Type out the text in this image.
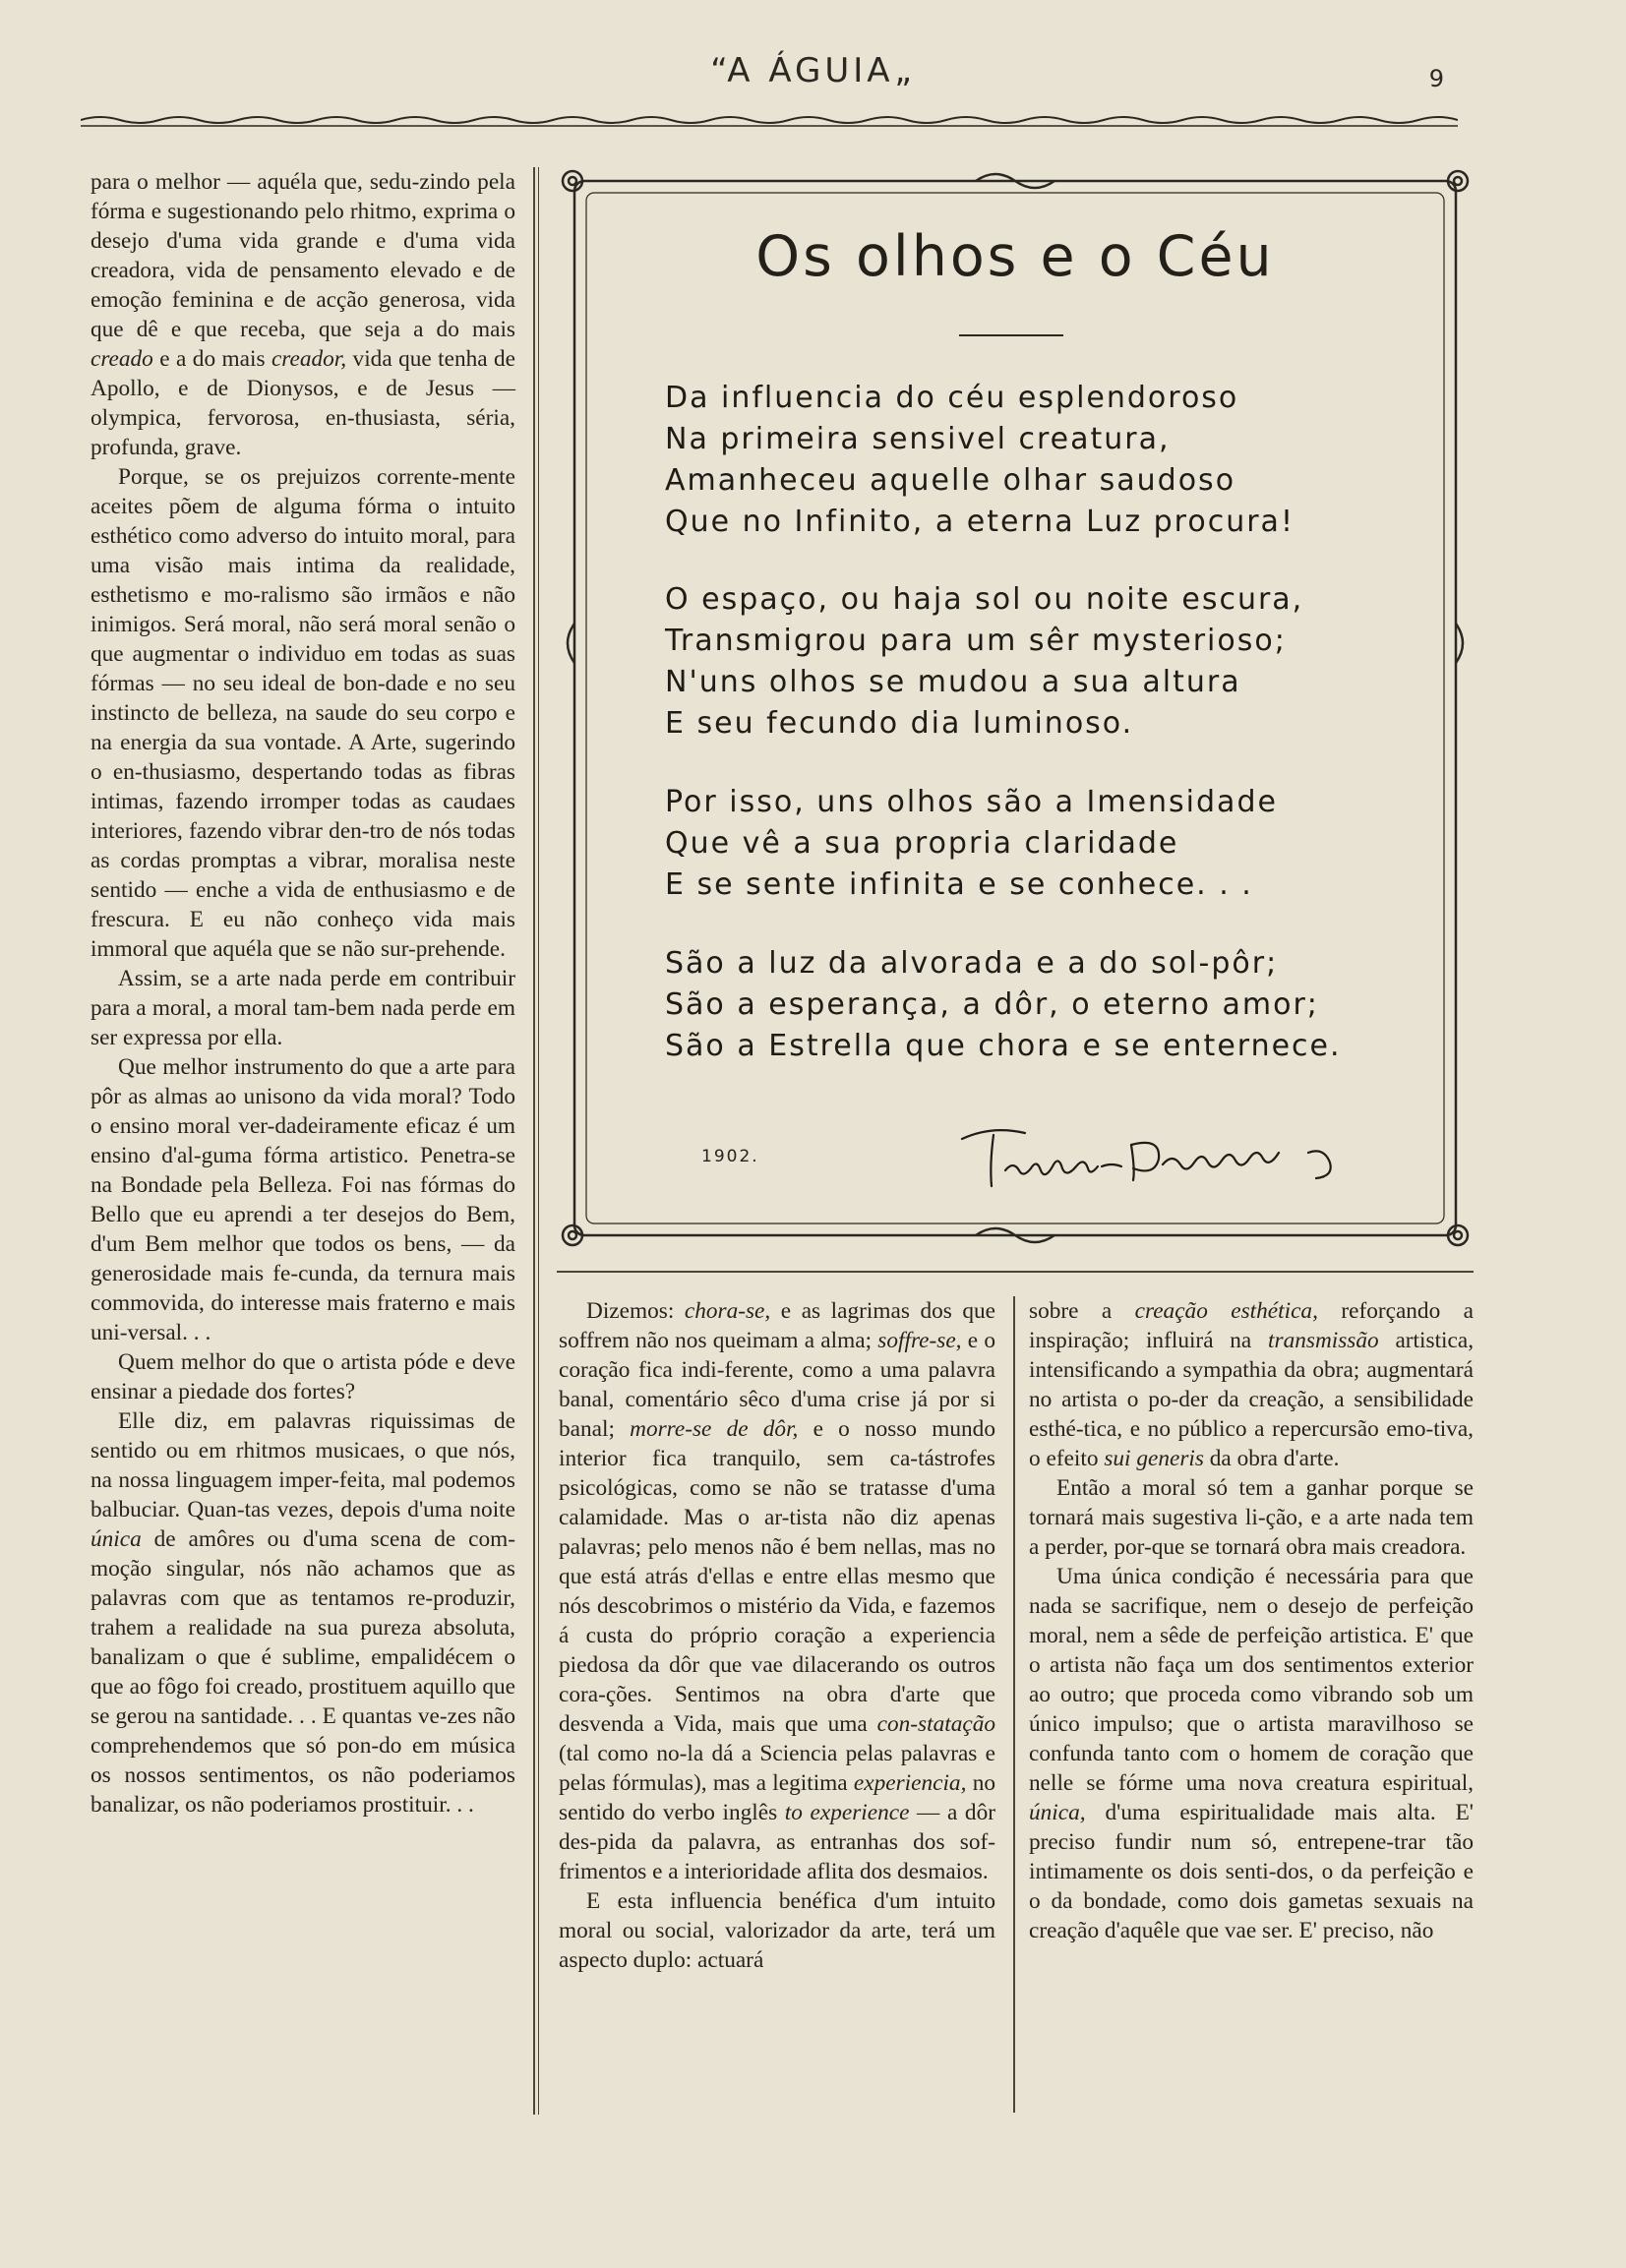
“A ÁGUIA„	9

para o melhor — aquéla que, sedu-zindo pela fórma e sugestionando pelo rhitmo, exprima o desejo d'uma vida grande e d'uma vida creadora, vida de pensamento elevado e de emoção feminina e de acção generosa, vida que dê e que receba, que seja a do mais creado e a do mais creador, vida que tenha de Apollo, e de Dionysos, e de Jesus — olympica, fervorosa, en-thusiasta, séria, profunda, grave.

Porque, se os prejuizos corrente-mente aceites põem de alguma fórma o intuito esthético como adverso do intuito moral, para uma visão mais intima da realidade, esthetismo e mo-ralismo são irmãos e não inimigos. Será moral, não será moral senão o que augmentar o individuo em todas as suas fórmas — no seu ideal de bon-dade e no seu instincto de belleza, na saude do seu corpo e na energia da sua vontade. A Arte, sugerindo o en-thusiasmo, despertando todas as fibras intimas, fazendo irromper todas as caudaes interiores, fazendo vibrar den-tro de nós todas as cordas promptas a vibrar, moralisa neste sentido — enche a vida de enthusiasmo e de frescura. E eu não conheço vida mais immoral que aquéla que se não sur-prehende.

Assim, se a arte nada perde em contribuir para a moral, a moral tam-bem nada perde em ser expressa por ella.

Que melhor instrumento do que a arte para pôr as almas ao unisono da vida moral? Todo o ensino moral ver-dadeiramente eficaz é um ensino d'al-guma fórma artistico. Penetra-se na Bondade pela Belleza. Foi nas fórmas do Bello que eu aprendi a ter desejos do Bem, d'um Bem melhor que todos os bens, — da generosidade mais fe-cunda, da ternura mais commovida, do interesse mais fraterno e mais uni-versal. . .

Quem melhor do que o artista póde e deve ensinar a piedade dos fortes?

Elle diz, em palavras riquissimas de sentido ou em rhitmos musicaes, o que nós, na nossa linguagem imper-feita, mal podemos balbuciar. Quan-tas vezes, depois d'uma noite única de amôres ou d'uma scena de com-moção singular, nós não achamos que as palavras com que as tentamos re-produzir, trahem a realidade na sua pureza absoluta, banalizam o que é sublime, empalidécem o que ao fôgo foi creado, prostituem aquillo que se gerou na santidade. . . E quantas ve-zes não comprehendemos que só pon-do em música os nossos sentimentos, os não poderiamos banalizar, os não poderiamos prostituir. . .

Os olhos e o Céu
Da influencia do céu esplendoroso
Na primeira sensivel creatura,
Amanheceu aquelle olhar saudoso
Que no Infinito, a eterna Luz procura!
O espaço, ou haja sol ou noite escura,
Transmigrou para um sêr mysterioso;
N'uns olhos se mudou a sua altura
E seu fecundo dia luminoso.
Por isso, uns olhos são a Imensidade
Que vê a sua propria claridade
E se sente infinita e se conhece. . .
São a luz da alvorada e a do sol-pôr;
São a esperança, a dôr, o eterno amor;
São a Estrella que chora e se enternece.
1902.

Dizemos: chora-se, e as lagrimas dos que soffrem não nos queimam a alma; soffre-se, e o coração fica indi-ferente, como a uma palavra banal, comentário sêco d'uma crise já por si banal; morre-se de dôr, e o nosso mundo interior fica tranquilo, sem ca-tástrofes psicológicas, como se não se tratasse d'uma calamidade. Mas o ar-tista não diz apenas palavras; pelo menos não é bem nellas, mas no que está atrás d'ellas e entre ellas mesmo que nós descobrimos o mistério da Vida, e fazemos á custa do próprio coração a experiencia piedosa da dôr que vae dilacerando os outros cora-ções. Sentimos na obra d'arte que desvenda a Vida, mais que uma con-statação (tal como no-la dá a Sciencia pelas palavras e pelas fórmulas), mas a legitima experiencia, no sentido do verbo inglês to experience — a dôr des-pida da palavra, as entranhas dos sof-frimentos e a interioridade aflita dos desmaios.

E esta influencia benéfica d'um intuito moral ou social, valorizador da arte, terá um aspecto duplo: actuará

sobre a creação esthética, reforçando a inspiração; influirá na transmissão artistica, intensificando a sympathia da obra; augmentará no artista o po-der da creação, a sensibilidade esthé-tica, e no público a repercursão emo-tiva, o efeito sui generis da obra d'arte.

Então a moral só tem a ganhar porque se tornará mais sugestiva li-ção, e a arte nada tem a perder, por-que se tornará obra mais creadora.

Uma única condição é necessária para que nada se sacrifique, nem o desejo de perfeição moral, nem a sêde de perfeição artistica. E' que o artista não faça um dos sentimentos exterior ao outro; que proceda como vibrando sob um único impulso; que o artista maravilhoso se confunda tanto com o homem de coração que nelle se fórme uma nova creatura espiritual, única, d'uma espiritualidade mais alta. E' preciso fundir num só, entrepene-trar tão intimamente os dois senti-dos, o da perfeição e o da bondade, como dois gametas sexuais na creação d'aquêle que vae ser. E' preciso, não
